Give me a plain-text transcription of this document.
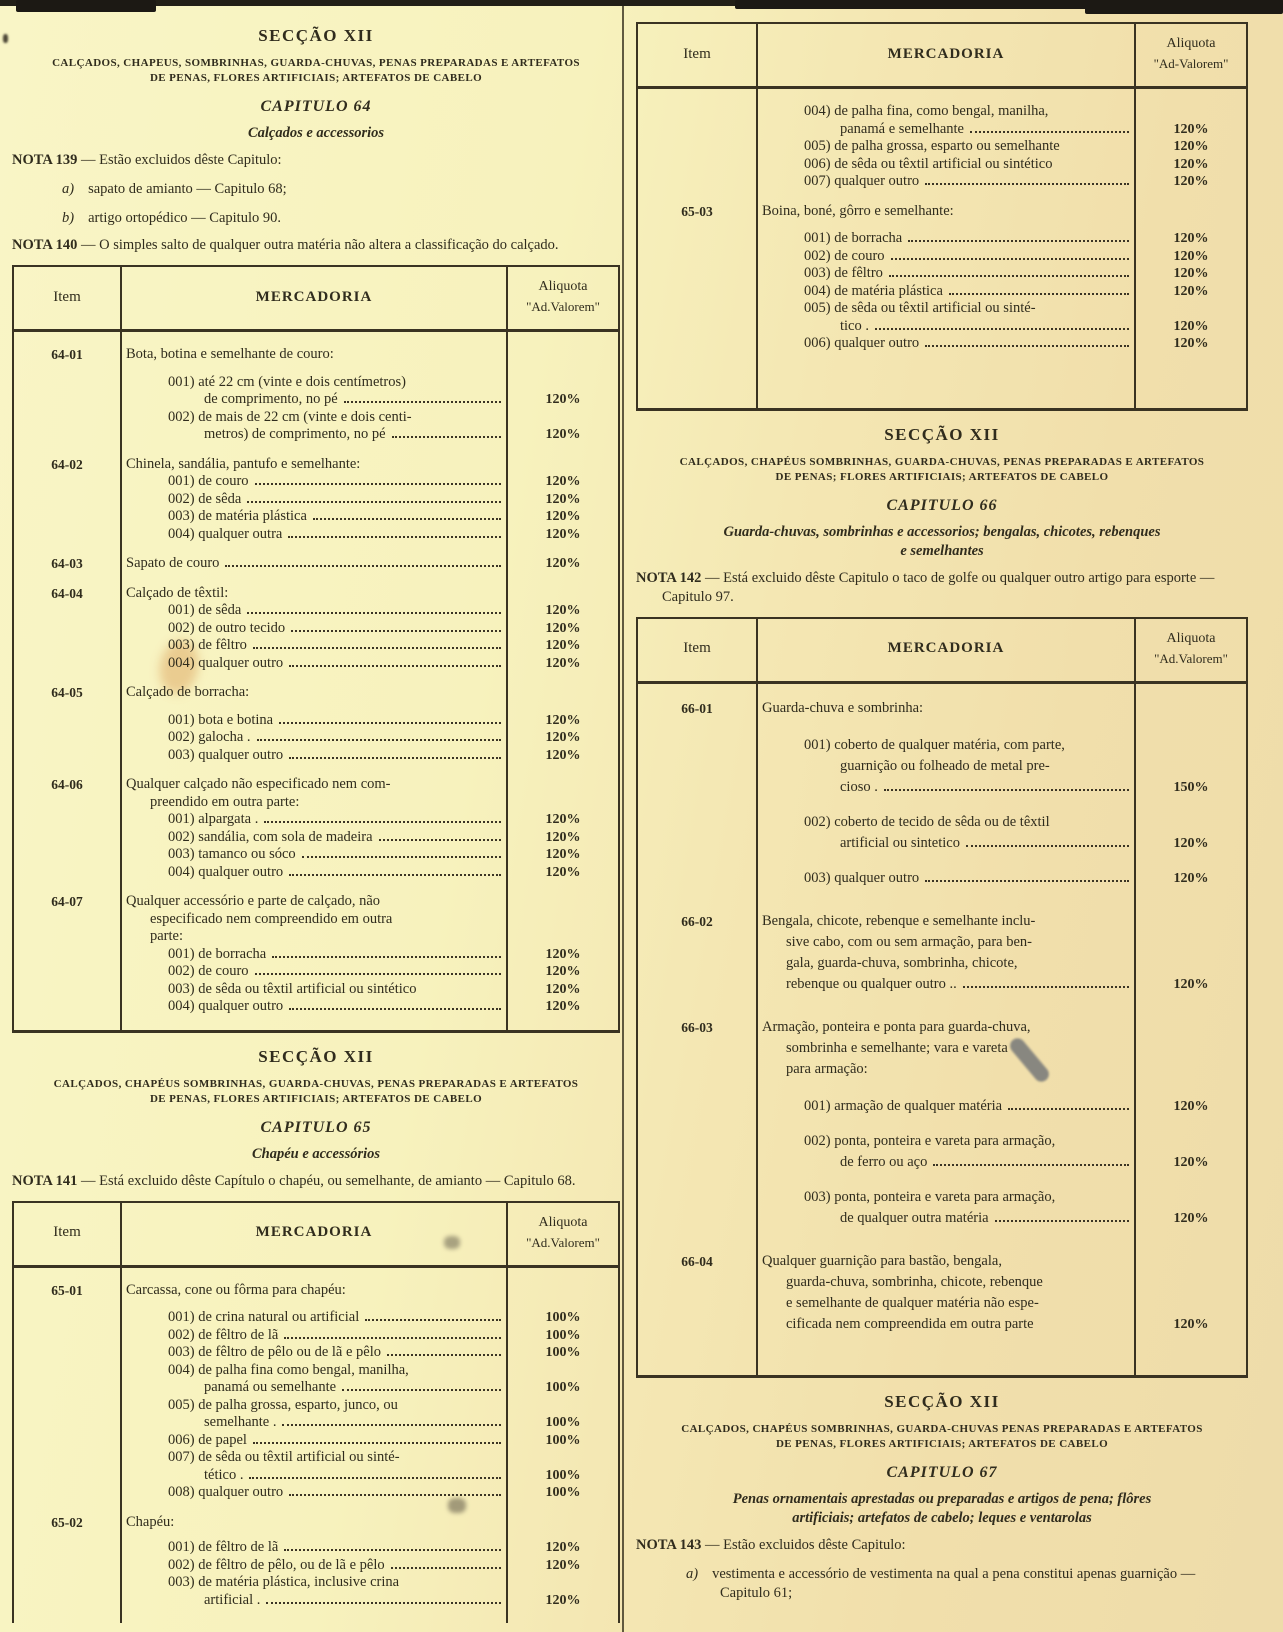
SECÇÃO XII
CALÇADOS, CHAPEUS, SOMBRINHAS, GUARDA-CHUVAS, PENAS PREPARADAS E ARTEFATOS
DE PENAS, FLORES ARTIFICIAIS; ARTEFATOS DE CABELO
CAPITULO 64
Calçados e accessorios
NOTA 139 — Estão excluidos dêste Capitulo:
a) sapato de amianto — Capitulo 68;
b) artigo ortopédico — Capitulo 90.
NOTA 140 — O simples salto de qualquer outra matéria não altera a classificação do calçado.
Item	MERCADORIA
Aliquota
"Ad.Valorem"
64-01	Bota, botina e semelhante de couro:
001) até 22 cm (vinte e dois centímetros)
de comprimento, no pé	120%
002) de mais de 22 cm (vinte e dois centi-
metros) de comprimento, no pé	120%
64-02	Chinela, sandália, pantufo e semelhante:
001) de couro	120%
002) de sêda	120%
003) de matéria plástica	120%
004) qualquer outra	120%
64-03	Sapato de couro	120%
64-04	Calçado de têxtil:
001) de sêda	120%
002) de outro tecido	120%
003) de fêltro	120%
004) qualquer outro	120%
64-05	Calçado de borracha:
001) bota e botina	120%
002) galocha .	120%
003) qualquer outro	120%
64-06	Qualquer calçado não especificado nem com-
preendido em outra parte:
001) alpargata .	120%
002) sandália, com sola de madeira	120%
003) tamanco ou sóco	120%
004) qualquer outro	120%
64-07	Qualquer accessório e parte de calçado, não
especificado nem compreendido em outra
parte:
001) de borracha	120%
002) de couro	120%
003) de sêda ou têxtil artificial ou sintético	120%
004) qualquer outro	120%
SECÇÃO XII
CALÇADOS, CHAPÉUS SOMBRINHAS, GUARDA-CHUVAS, PENAS PREPARADAS E ARTEFATOS
DE PENAS, FLORES ARTIFICIAIS; ARTEFATOS DE CABELO
CAPITULO 65
Chapéu e accessórios
NOTA 141 — Está excluido dêste Capítulo o chapéu, ou semelhante, de amianto — Capitulo 68.
Item	MERCADORIA
Aliquota
"Ad.Valorem"
65-01	Carcassa, cone ou fôrma para chapéu:
001) de crina natural ou artificial	100%
002) de fêltro de lã	100%
003) de fêltro de pêlo ou de lã e pêlo	100%
004) de palha fina como bengal, manilha,
panamá ou semelhante	100%
005) de palha grossa, esparto, junco, ou
semelhante .	100%
006) de papel	100%
007) de sêda ou têxtil artificial ou sinté-
tético .	100%
008) qualquer outro	100%
65-02	Chapéu:
001) de fêltro de lã	120%
002) de fêltro de pêlo, ou de lã e pêlo	120%
003) de matéria plástica, inclusive crina
artificial .	120%
Item	MERCADORIA
Aliquota
"Ad-Valorem"
004) de palha fina, como bengal, manilha,
panamá e semelhante	120%
005) de palha grossa, esparto ou semelhante	120%
006) de sêda ou têxtil artificial ou sintético	120%
007) qualquer outro	120%
65-03	Boina, boné, gôrro e semelhante:
001) de borracha	120%
002) de couro	120%
003) de fêltro	120%
004) de matéria plástica	120%
005) de sêda ou têxtil artificial ou sinté-
tico .	120%
006) qualquer outro	120%
SECÇÃO XII
CALÇADOS, CHAPÉUS SOMBRINHAS, GUARDA-CHUVAS, PENAS PREPARADAS E ARTEFATOS
DE PENAS; FLORES ARTIFICIAIS; ARTEFATOS DE CABELO
CAPITULO 66
Guarda-chuvas, sombrinhas e accessorios; bengalas, chicotes, rebenques
e semelhantes
NOTA 142 — Está excluido dêste Capitulo o taco de golfe ou qualquer outro artigo para esporte — Capitulo 97.
Item	MERCADORIA
Aliquota
"Ad.Valorem"
66-01	Guarda-chuva e sombrinha:
001) coberto de qualquer matéria, com parte,
guarnição ou folheado de metal pre-
cioso .	150%
002) coberto de tecido de sêda ou de têxtil
artificial ou sintetico	120%
003) qualquer outro	120%
66-02	Bengala, chicote, rebenque e semelhante inclu-
sive cabo, com ou sem armação, para ben-
gala, guarda-chuva, sombrinha, chicote,
rebenque ou qualquer outro ..	120%
66-03	Armação, ponteira e ponta para guarda-chuva,
sombrinha e semelhante; vara e vareta
para armação:
001) armação de qualquer matéria	120%
002) ponta, ponteira e vareta para armação,
de ferro ou aço	120%
003) ponta, ponteira e vareta para armação,
de qualquer outra matéria	120%
66-04	Qualquer guarnição para bastão, bengala,
guarda-chuva, sombrinha, chicote, rebenque
e semelhante de qualquer matéria não espe-
cificada nem compreendida em outra parte	120%
SECÇÃO XII
CALÇADOS, CHAPÉUS SOMBRINHAS, GUARDA-CHUVAS PENAS PREPARADAS E ARTEFATOS
DE PENAS, FLORES ARTIFICIAIS; ARTEFATOS DE CABELO
CAPITULO 67
Penas ornamentais aprestadas ou preparadas e artigos de pena; flôres
artificiais; artefatos de cabelo; leques e ventarolas
NOTA 143 — Estão excluidos dêste Capitulo:
a) vestimenta e accessório de vestimenta na qual a pena constitui apenas guarnição — Capitulo 61;
